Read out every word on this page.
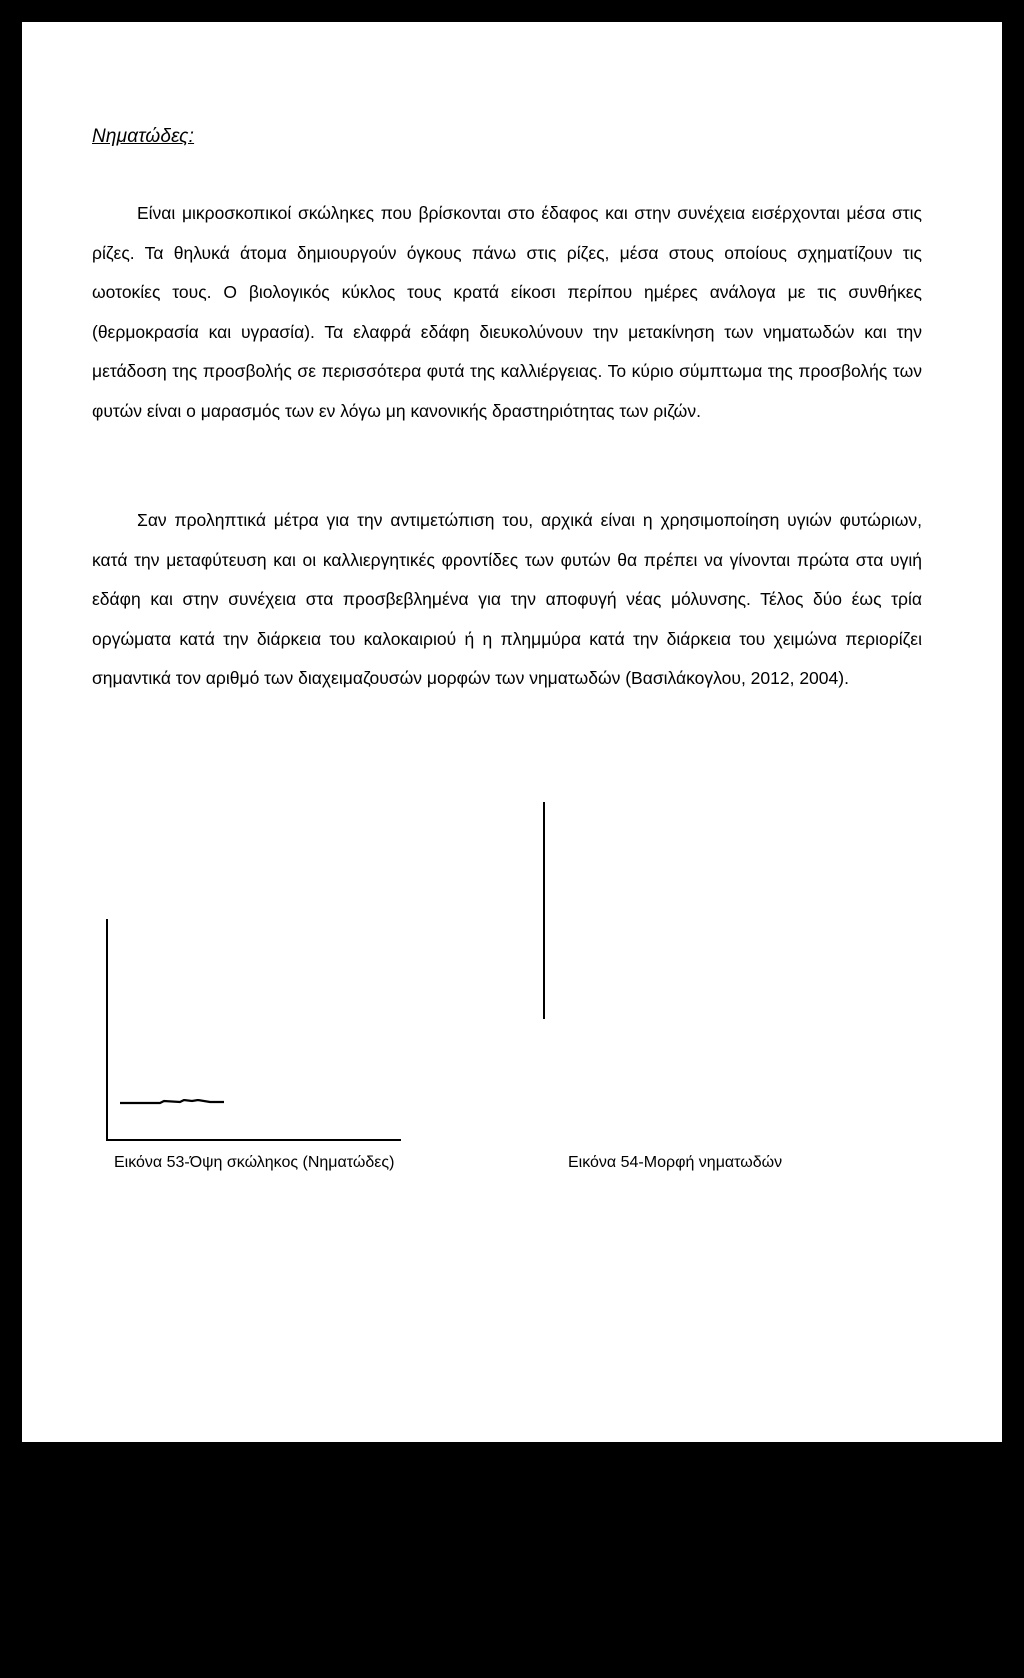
Νηματώδες:

Είναι μικροσκοπικοί σκώληκες που βρίσκονται στο έδαφος και στην συνέχεια εισέρχονται μέσα στις ρίζες. Τα θηλυκά άτομα δημιουργούν όγκους πάνω στις ρίζες, μέσα στους οποίους σχηματίζουν τις ωοτοκίες τους. Ο βιολογικός κύκλος τους κρατά είκοσι περίπου ημέρες ανάλογα με τις συνθήκες (θερμοκρασία και υγρασία). Τα ελαφρά εδάφη διευκολύνουν την μετακίνηση των νηματωδών και την μετάδοση της προσβολής σε περισσότερα φυτά της καλλιέργειας. Το κύριο σύμπτωμα της προσβολής των φυτών είναι ο μαρασμός των εν λόγω μη κανονικής δραστηριότητας των ριζών.

Σαν προληπτικά μέτρα για την αντιμετώπιση του, αρχικά είναι η χρησιμοποίηση υγιών φυτώριων, κατά την μεταφύτευση και οι καλλιεργητικές φροντίδες των φυτών θα πρέπει να γίνονται πρώτα στα υγιή εδάφη και στην συνέχεια στα προσβεβλημένα για την αποφυγή νέας μόλυνσης. Τέλος δύο έως τρία οργώματα κατά την διάρκεια του καλοκαιριού ή η πλημμύρα κατά την διάρκεια του χειμώνα περιορίζει σημαντικά τον αριθμό των διαχειμαζουσών μορφών των νηματωδών (Βασιλάκογλου, 2012, 2004).

Εικόνα 53-Όψη σκώληκος (Νηματώδες)	Εικόνα 54-Μορφή νηματωδών

Σελίδα 47
